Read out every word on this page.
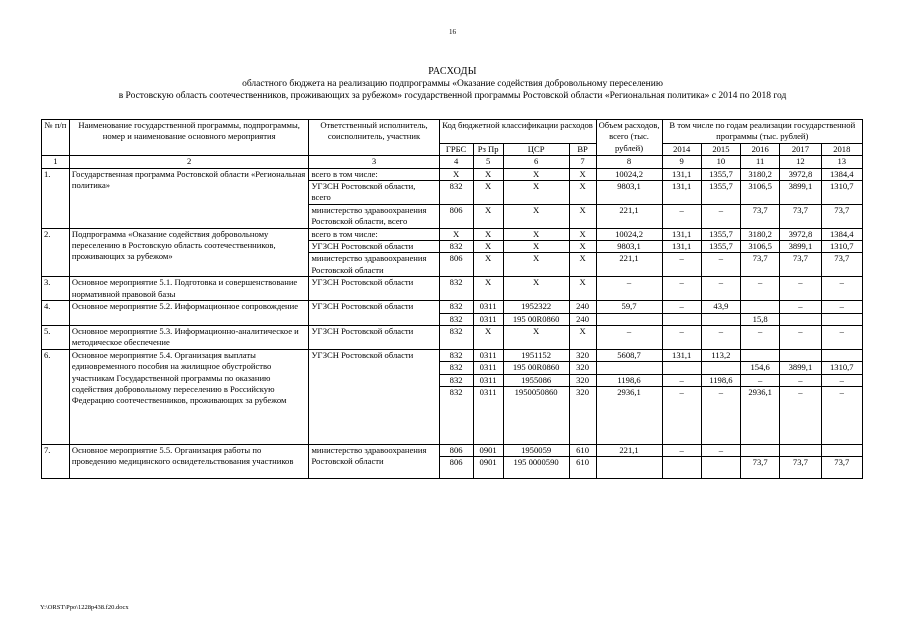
16
РАСХОДЫ
областного бюджета на реализацию подпрограммы «Оказание содействия добровольному переселению
в Ростовскую область соотечественников, проживающих за рубежом» государственной программы Ростовской области «Региональная политика» с 2014 по 2018 год
№ п/п	Наименование государственной программы, подпрограммы, номер и наименование основного мероприятия	Ответственный исполнитель, соисполнитель, участник	Код бюджетной классификации расходов				Объем расходов, всего (тыс. рублей)	В том числе по годам реализации государственной программы (тыс. рублей)				
			ГРБС	Рз Пр	ЦСР	ВР		2014	2015	2016	2017	2018
1	2	3	4	5	6	7	8	9	10	11	12	13
1.	Государственная программа Ростовской области «Региональная политика»	всего в том числе:	Х	Х	Х	Х	10024,2	131,1	1355,7	3180,2	3972,8	1384,4
		УГЗСН Ростовской области, всего	832	Х	Х	Х	9803,1	131,1	1355,7	3106,5	3899,1	1310,7
		министерство здравоохранения Ростовской области, всего	806	Х	Х	Х	221,1	–	–	73,7	73,7	73,7
2.	Подпрограмма «Оказание содействия добровольному переселению в Ростовскую область соотечественников, проживающих за рубежом»	всего в том числе:	Х	Х	Х	Х	10024,2	131,1	1355,7	3180,2	3972,8	1384,4
		УГЗСН Ростовской области	832	Х	Х	Х	9803,1	131,1	1355,7	3106,5	3899,1	1310,7
		министерство здравоохранения Ростовской области	806	Х	Х	Х	221,1	–	–	73,7	73,7	73,7
3.	Основное мероприятие 5.1. Подготовка и совершенствование нормативной правовой базы	УГЗСН Ростовской области	832	Х	Х	Х	–	–	–	–	–	–
4.	Основное мероприятие 5.2. Информационное сопровождение	УГЗСН Ростовской области	832	0311	1952322	240	59,7	–	43,9		–	–
			832	0311	195 00R0860	240				15,8		
5.	Основное мероприятие 5.3. Информационно-аналитическое и методическое обеспечение	УГЗСН Ростовской области	832	Х	Х	Х	–	–	–	–	–	–
6.	Основное мероприятие 5.4. Организация выплаты единовременного пособия на жилищное обустройство участникам Государственной программы по оказанию содействия добровольному переселению в Российскую Федерацию соотечественников, проживающих за рубежом	УГЗСН Ростовской области	832	0311	1951152	320	5608,7	131,1	113,2			
			832	0311	195 00R0860	320				154,6	3899,1	1310,7
			832	0311	1955086	320	1198,6	–	1198,6	–	–	–
			832	0311	1950050860	320	2936,1	–	–	2936,1	–	–
7.	Основное мероприятие 5.5. Организация работы по проведению медицинского освидетельствования участников	министерство здравоохранения Ростовской области	806	0901	1950059	610	221,1	–	–			
			806	0901	195 0000590	610				73,7	73,7	73,7
Y:\ORST\Ppo\1228p438.f20.docx
